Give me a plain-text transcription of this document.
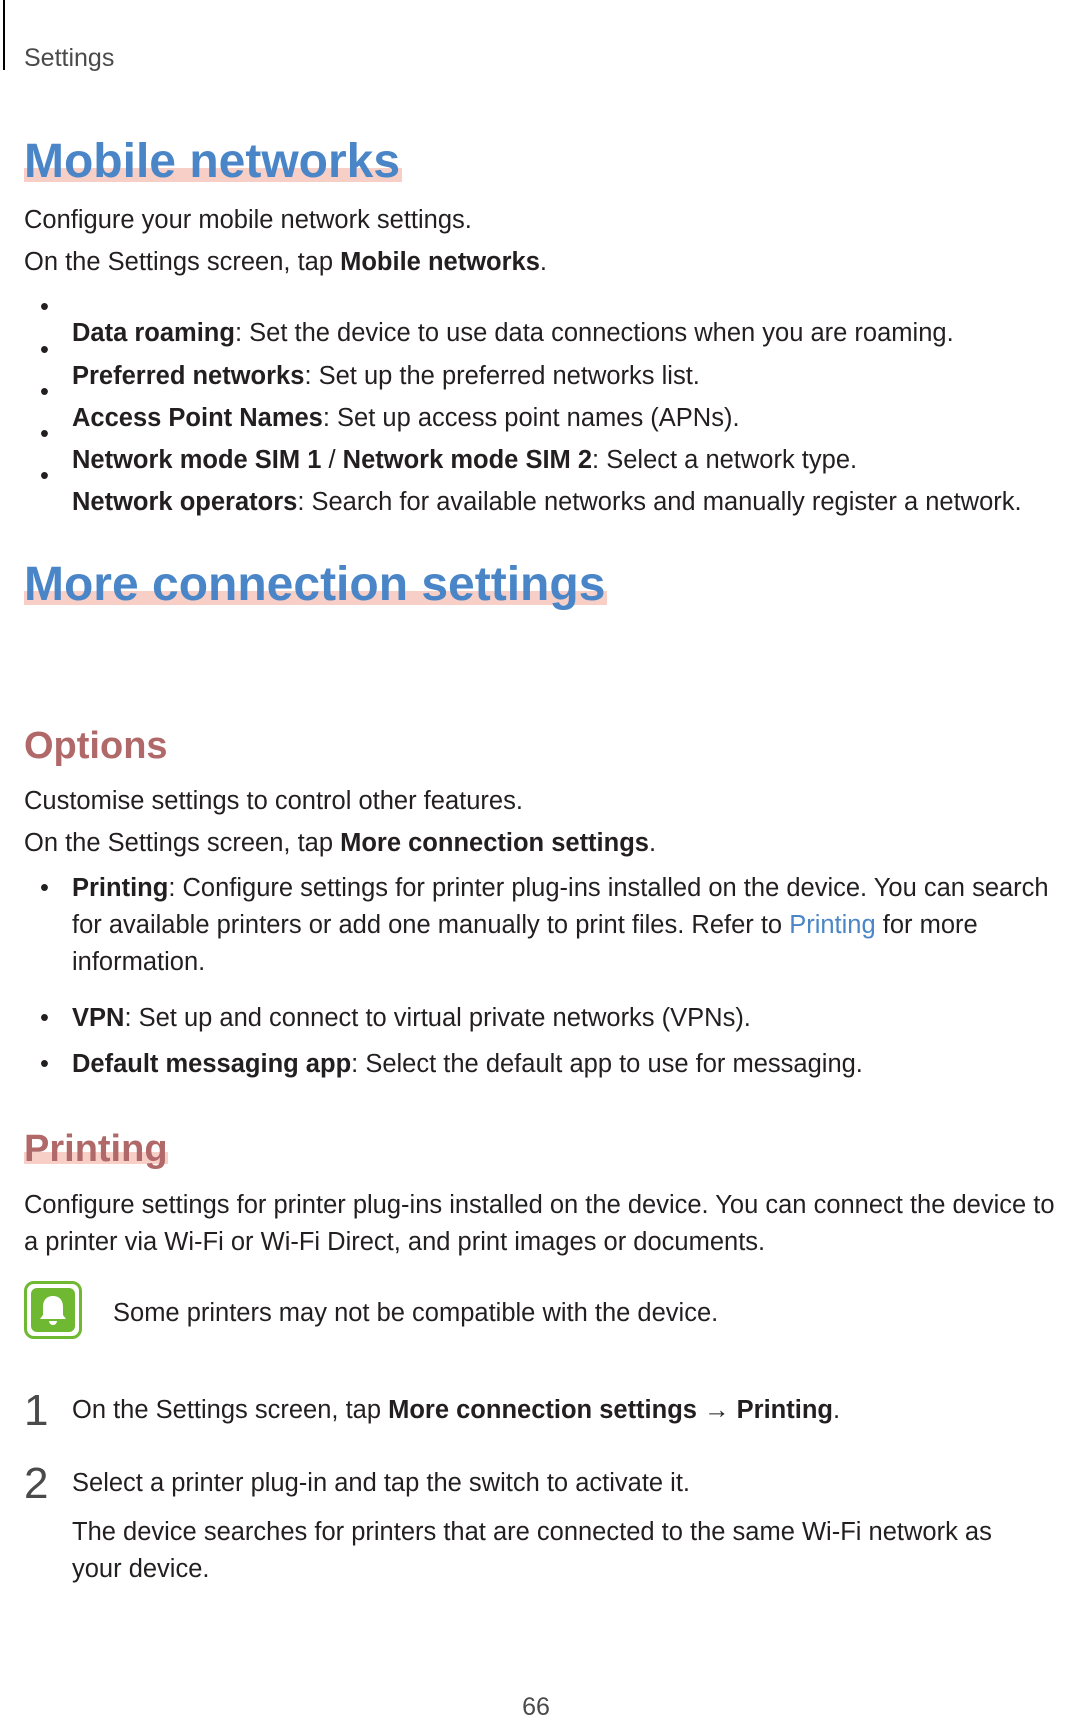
Settings
Mobile networks

Configure your mobile network settings.

On the Settings screen, tap Mobile networks.

•

Data roaming: Set the device to use data connections when you are roaming.

•

Preferred networks: Set up the preferred networks list.

•

Access Point Names: Set up access point names (APNs).

•

Network mode SIM 1 / Network mode SIM 2: Select a network type.

•

Network operators: Search for available networks and manually register a network.

More connection settings
Options

Customise settings to control other features.

On the Settings screen, tap More connection settings.

• Printing: Configure settings for printer plug-ins installed on the device. You can search for available printers or add one manually to print files. Refer to Printing for more information.

• VPN: Set up and connect to virtual private networks (VPNs).

• Default messaging app: Select the default app to use for messaging.

Printing

Configure settings for printer plug-ins installed on the device. You can connect the device to a printer via Wi-Fi or Wi-Fi Direct, and print images or documents.

Some printers may not be compatible with the device.

1 On the Settings screen, tap More connection settings → Printing.

2 Select a printer plug-in and tap the switch to activate it.

The device searches for printers that are connected to the same Wi-Fi network as your device.

66
